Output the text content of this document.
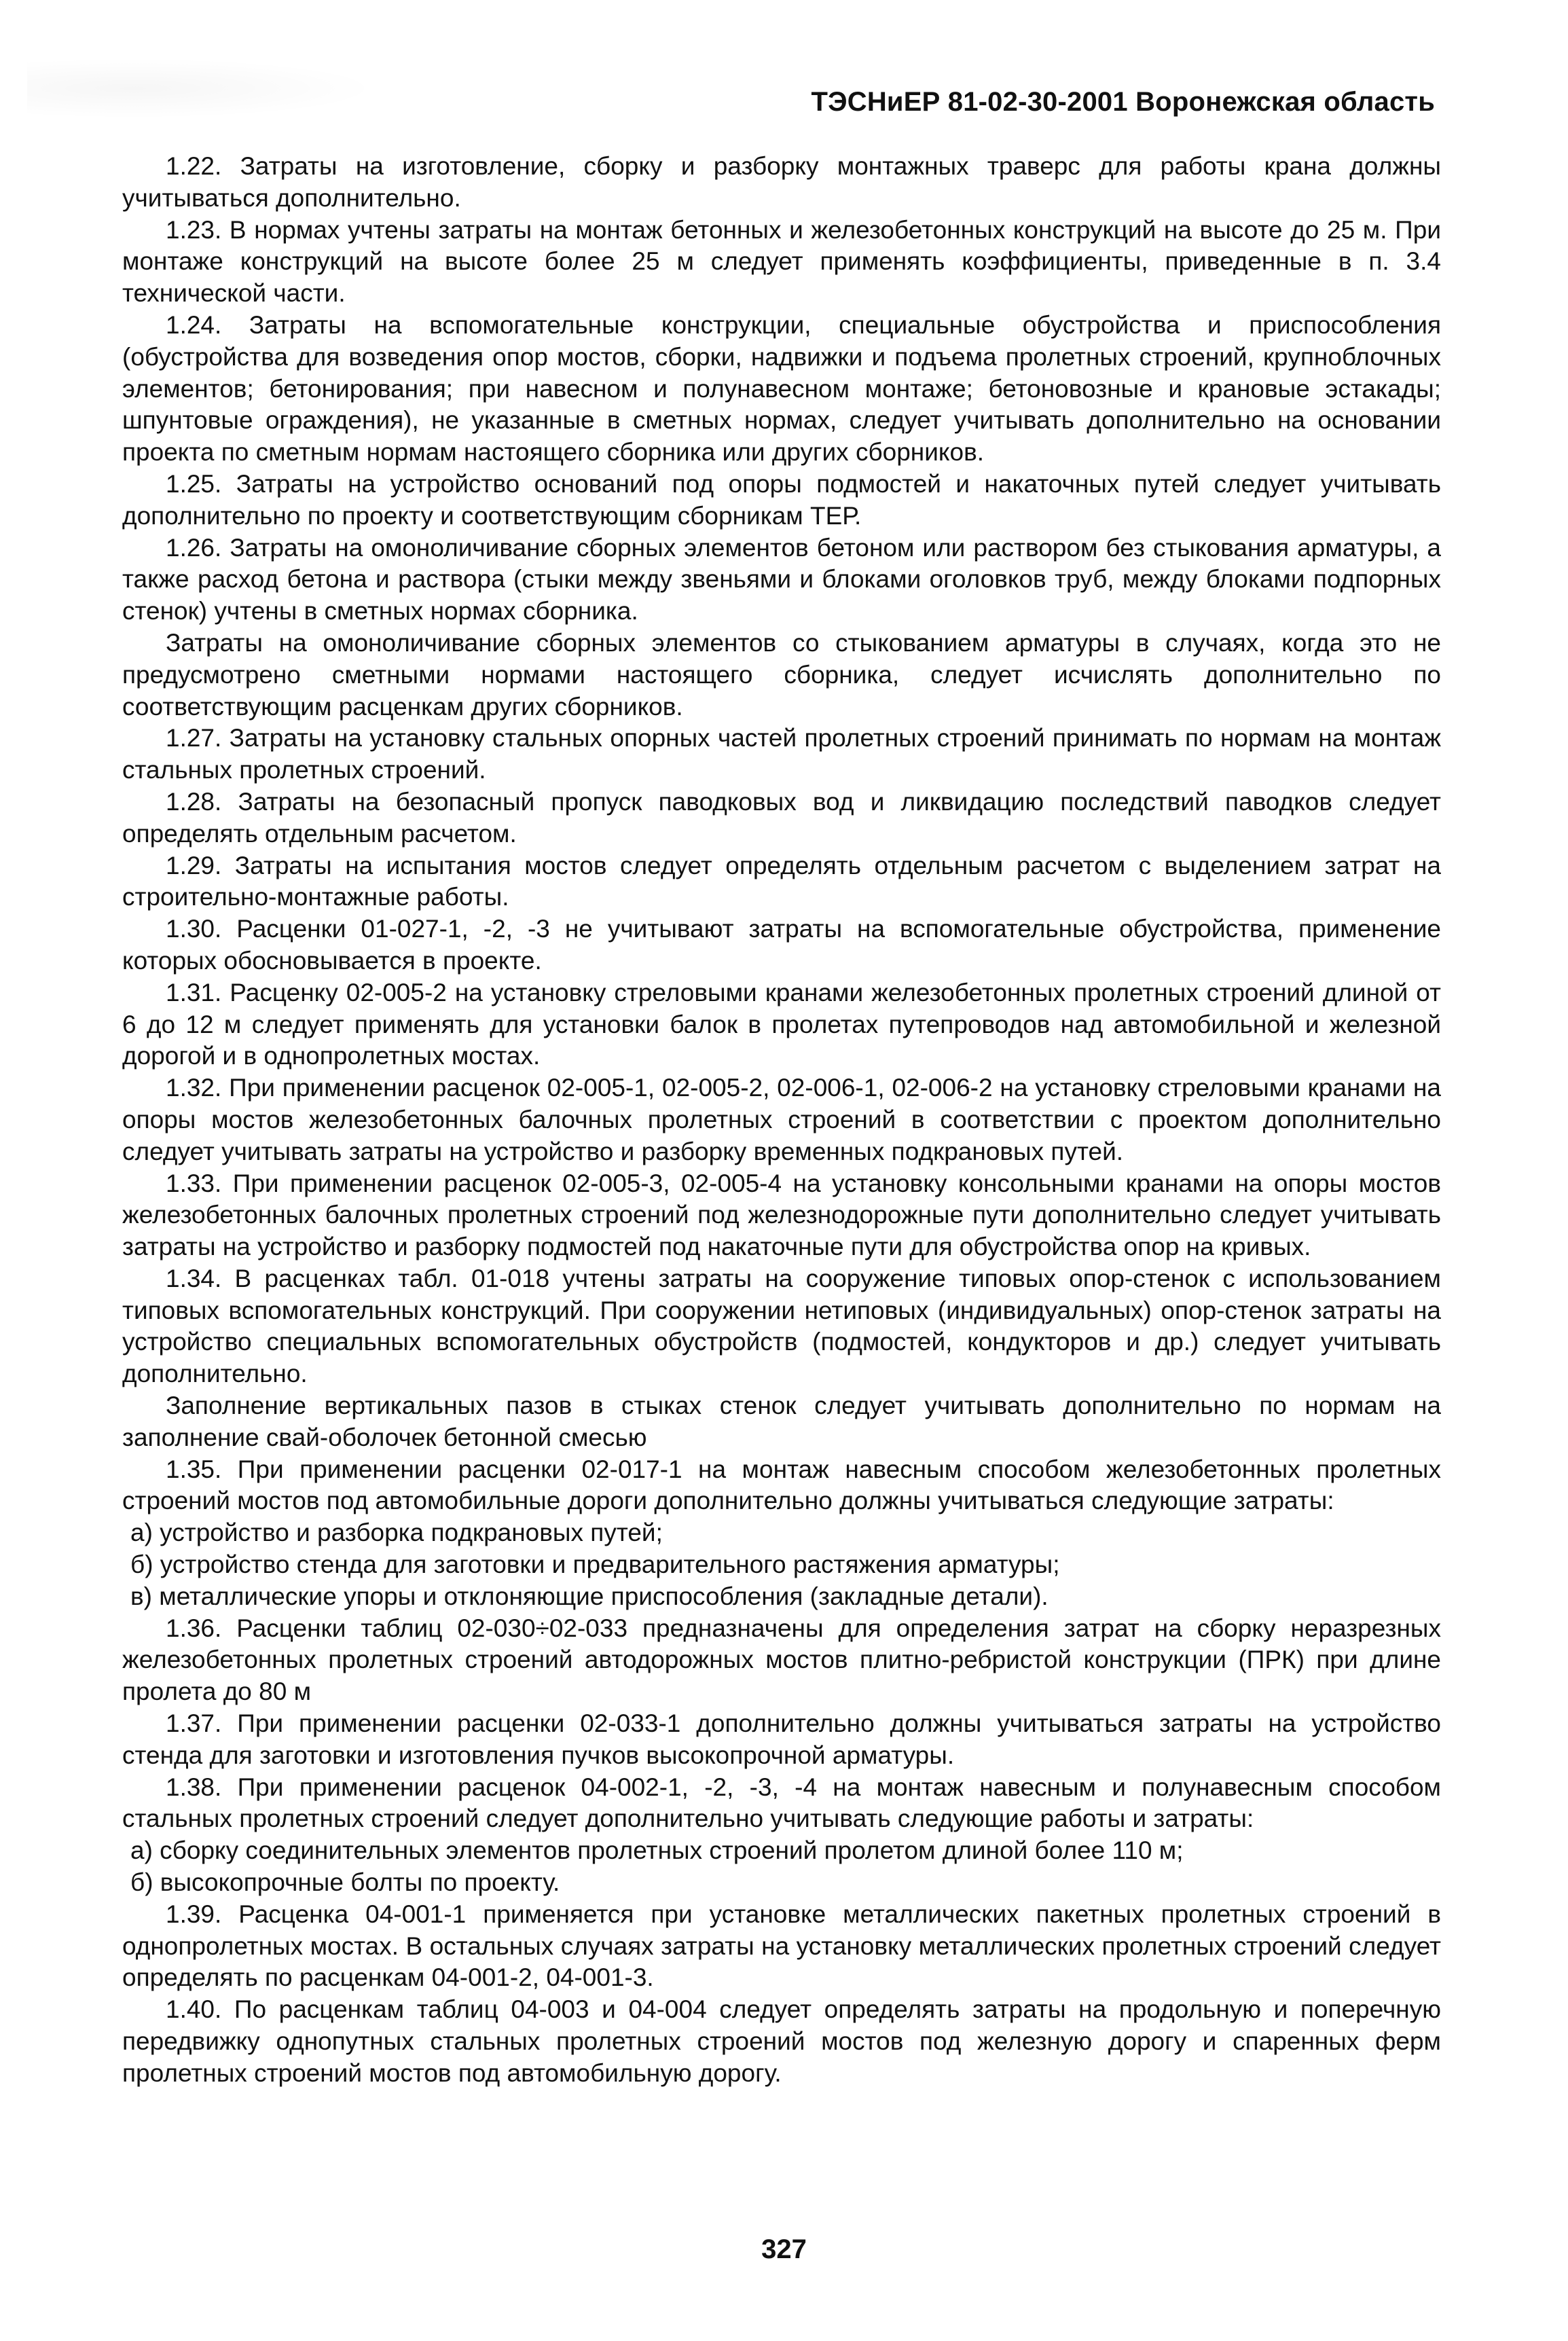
ТЭСНиЕР 81-02-30-2001 Воронежская область

1.22. Затраты на изготовление, сборку и разборку монтажных траверс для работы крана должны учитываться дополнительно.

1.23. В нормах учтены затраты на монтаж бетонных и железобетонных конструкций на высоте до 25 м. При монтаже конструкций на высоте более 25 м следует применять коэффициенты, приведенные в п. 3.4 технической части.

1.24. Затраты на вспомогательные конструкции, специальные обустройства и приспособления (обустройства для возведения опор мостов, сборки, надвижки и подъема пролетных строений, крупноблочных элементов; бетонирования; при навесном и полунавесном монтаже; бетоновозные и крановые эстакады; шпунтовые ограждения), не указанные в сметных нормах, следует учитывать дополнительно на основании проекта по сметным нормам настоящего сборника или других сборников.

1.25. Затраты на устройство оснований под опоры подмостей и накаточных путей следует учитывать дополнительно по проекту и соответствующим сборникам ТЕР.

1.26. Затраты на омоноличивание сборных элементов бетоном или раствором без стыкования арматуры, а также расход бетона и раствора (стыки между звеньями и блоками оголовков труб, между блоками подпорных стенок) учтены в сметных нормах сборника.

Затраты на омоноличивание сборных элементов со стыкованием арматуры в случаях, когда это не предусмотрено сметными нормами настоящего сборника, следует исчислять дополнительно по соответствующим расценкам других сборников.

1.27. Затраты на установку стальных опорных частей пролетных строений принимать по нормам на монтаж стальных пролетных строений.

1.28. Затраты на безопасный пропуск паводковых вод и ликвидацию последствий паводков следует определять отдельным расчетом.

1.29. Затраты на испытания мостов следует определять отдельным расчетом с выделением затрат на строительно-монтажные работы.

1.30. Расценки 01-027-1, -2, -3 не учитывают затраты на вспомогательные обустройства, применение которых обосновывается в проекте.

1.31. Расценку 02-005-2 на установку стреловыми кранами железобетонных пролетных строений длиной от 6 до 12 м следует применять для установки балок в пролетах путепроводов над автомобильной и железной дорогой и в однопролетных мостах.

1.32. При применении расценок 02-005-1, 02-005-2, 02-006-1, 02-006-2 на установку стреловыми кранами на опоры мостов железобетонных балочных пролетных строений в соответствии с проектом дополнительно следует учитывать затраты на устройство и разборку временных подкрановых путей.

1.33. При применении расценок 02-005-3, 02-005-4 на установку консольными кранами на опоры мостов железобетонных балочных пролетных строений под железнодорожные пути дополнительно следует учитывать затраты на устройство и разборку подмостей под накаточные пути для обустройства опор на кривых.

1.34. В расценках табл. 01-018 учтены затраты на сооружение типовых опор-стенок с использованием типовых вспомогательных конструкций. При сооружении нетиповых (индивидуальных) опор-стенок затраты на устройство специальных вспомогательных обустройств (подмостей, кондукторов и др.) следует учитывать дополнительно.

Заполнение вертикальных пазов в стыках стенок следует учитывать дополнительно по нормам на заполнение свай-оболочек бетонной смесью

1.35. При применении расценки 02-017-1 на монтаж навесным способом железобетонных пролетных строений мостов под автомобильные дороги дополнительно должны учитываться следующие затраты:

а) устройство и разборка подкрановых путей;

б) устройство стенда для заготовки и предварительного растяжения арматуры;

в) металлические упоры и отклоняющие приспособления (закладные детали).

1.36. Расценки таблиц 02-030÷02-033 предназначены для определения затрат на сборку неразрезных железобетонных пролетных строений автодорожных мостов плитно-ребристой конструкции (ПРК) при длине пролета до 80 м

1.37. При применении расценки 02-033-1 дополнительно должны учитываться затраты на устройство стенда для заготовки и изготовления пучков высокопрочной арматуры.

1.38. При применении расценок 04-002-1, -2, -3, -4 на монтаж навесным и полунавесным способом стальных пролетных строений следует дополнительно учитывать следующие работы и затраты:

а) сборку соединительных элементов пролетных строений пролетом длиной более 110 м;

б) высокопрочные болты по проекту.

1.39. Расценка 04-001-1 применяется при установке металлических пакетных пролетных строений в однопролетных мостах. В остальных случаях затраты на установку металлических пролетных строений следует определять по расценкам 04-001-2, 04-001-3.

1.40. По расценкам таблиц 04-003 и 04-004 следует определять затраты на продольную и поперечную передвижку однопутных стальных пролетных строений мостов под железную дорогу и спаренных ферм пролетных строений мостов под автомобильную дорогу.

327
